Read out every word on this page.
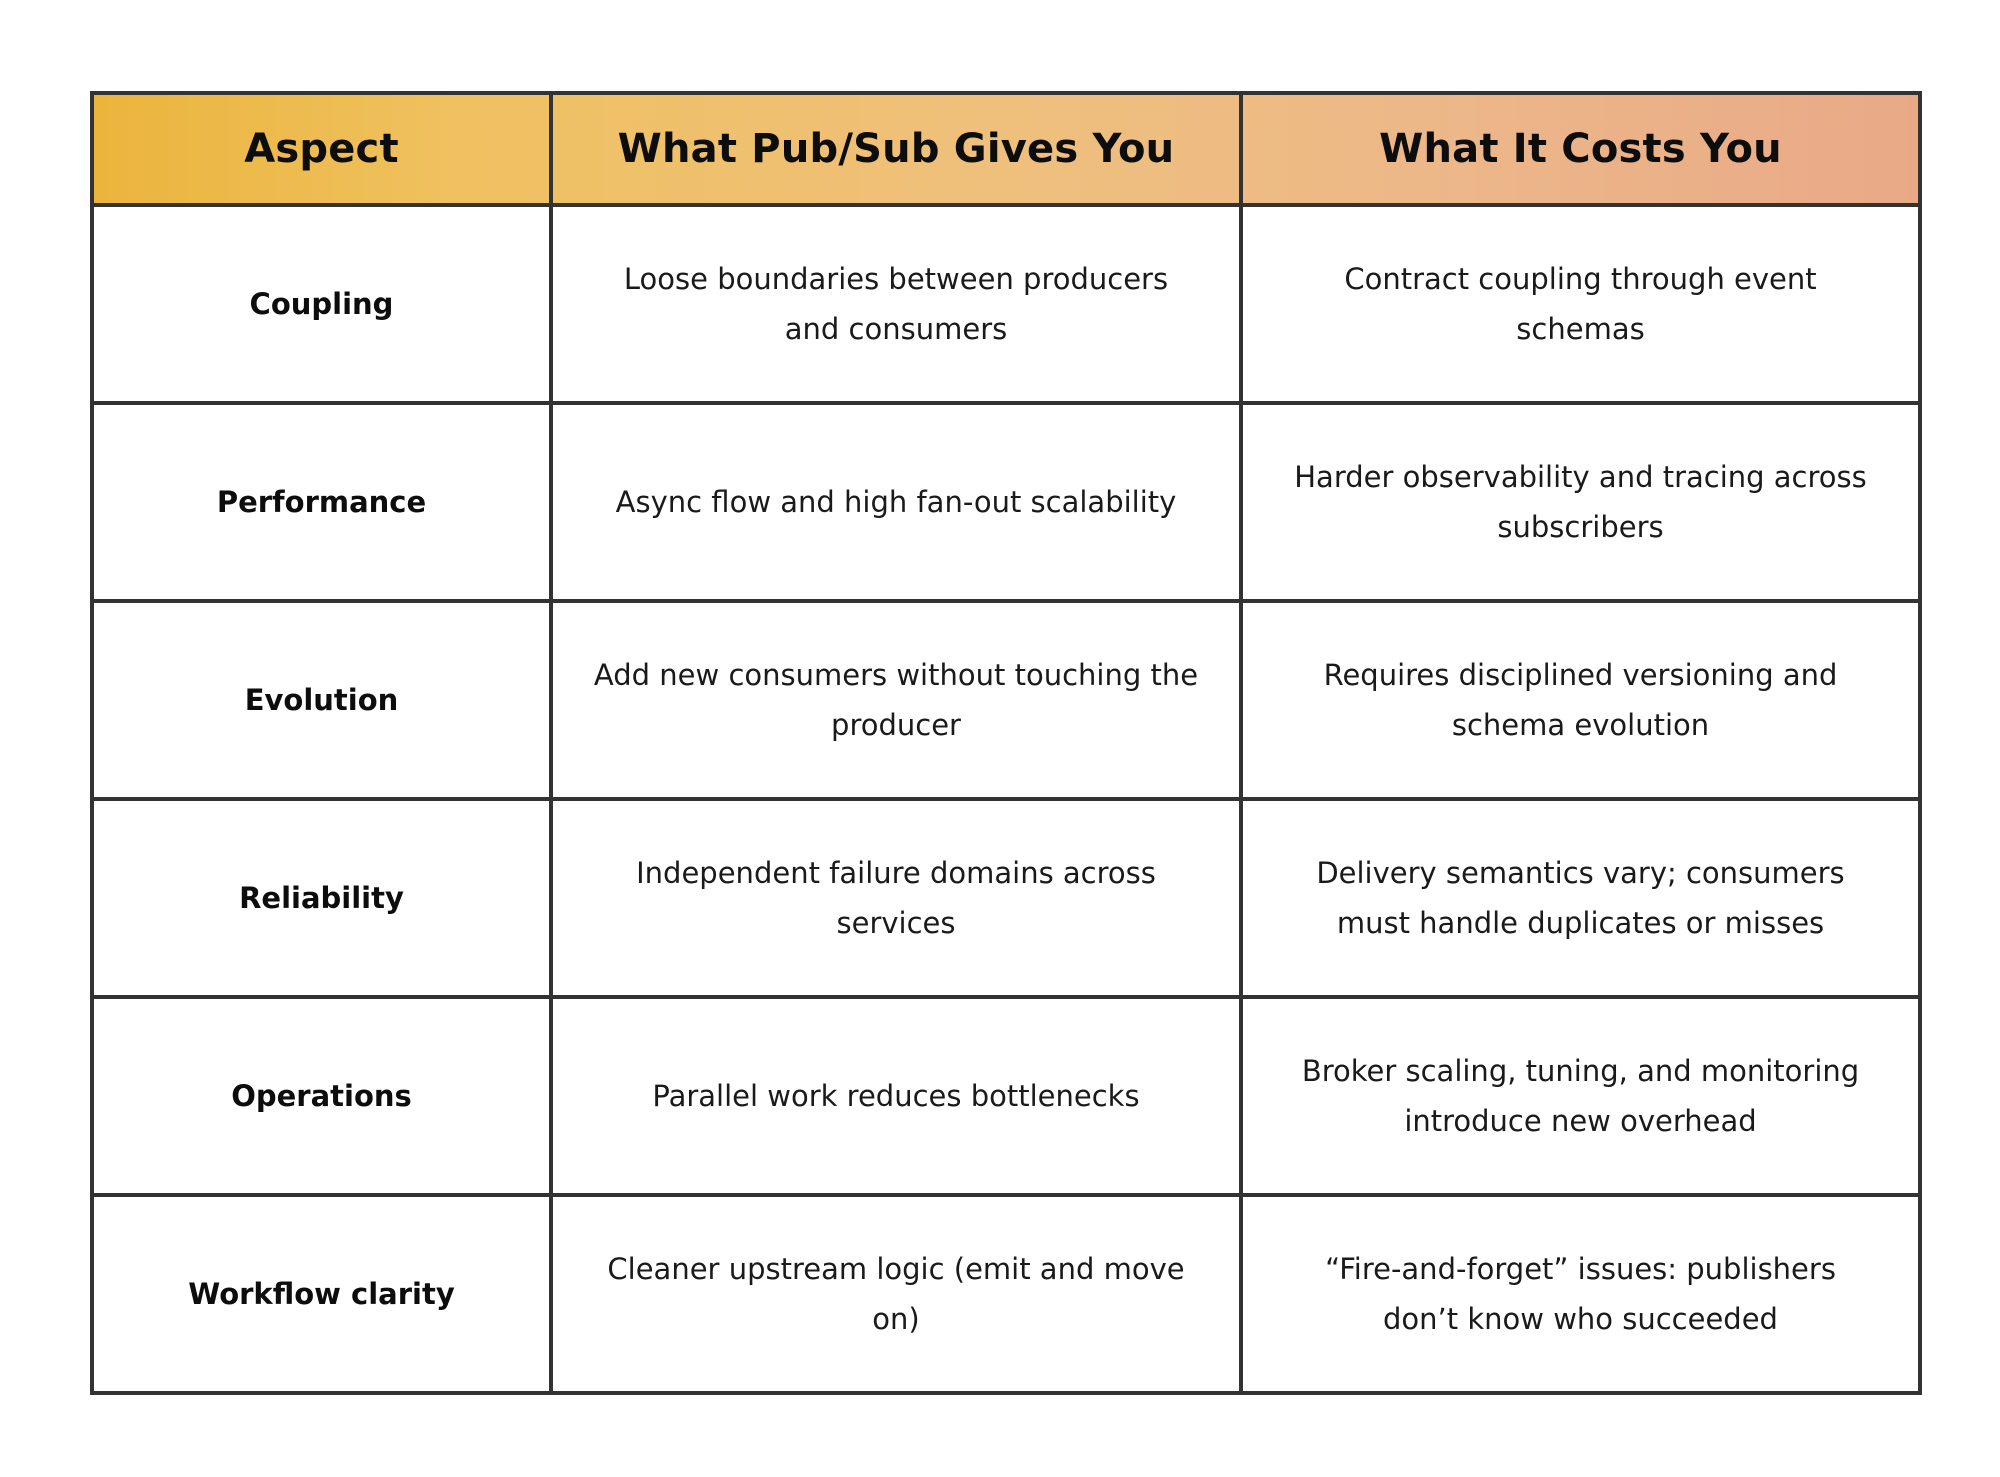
Aspect	What Pub/Sub Gives You	What It Costs You
Coupling	Loose boundaries between producers and consumers	Contract coupling through event schemas
Performance	Async flow and high fan-out scalability	Harder observability and tracing across subscribers
Evolution	Add new consumers without touching the producer	Requires disciplined versioning and schema evolution
Reliability	Independent failure domains across services	Delivery semantics vary; consumers must handle duplicates or misses
Operations	Parallel work reduces bottlenecks	Broker scaling, tuning, and monitoring introduce new overhead
Workflow clarity	Cleaner upstream logic (emit and move on)	“Fire-and-forget” issues: publishers don’t know who succeeded
